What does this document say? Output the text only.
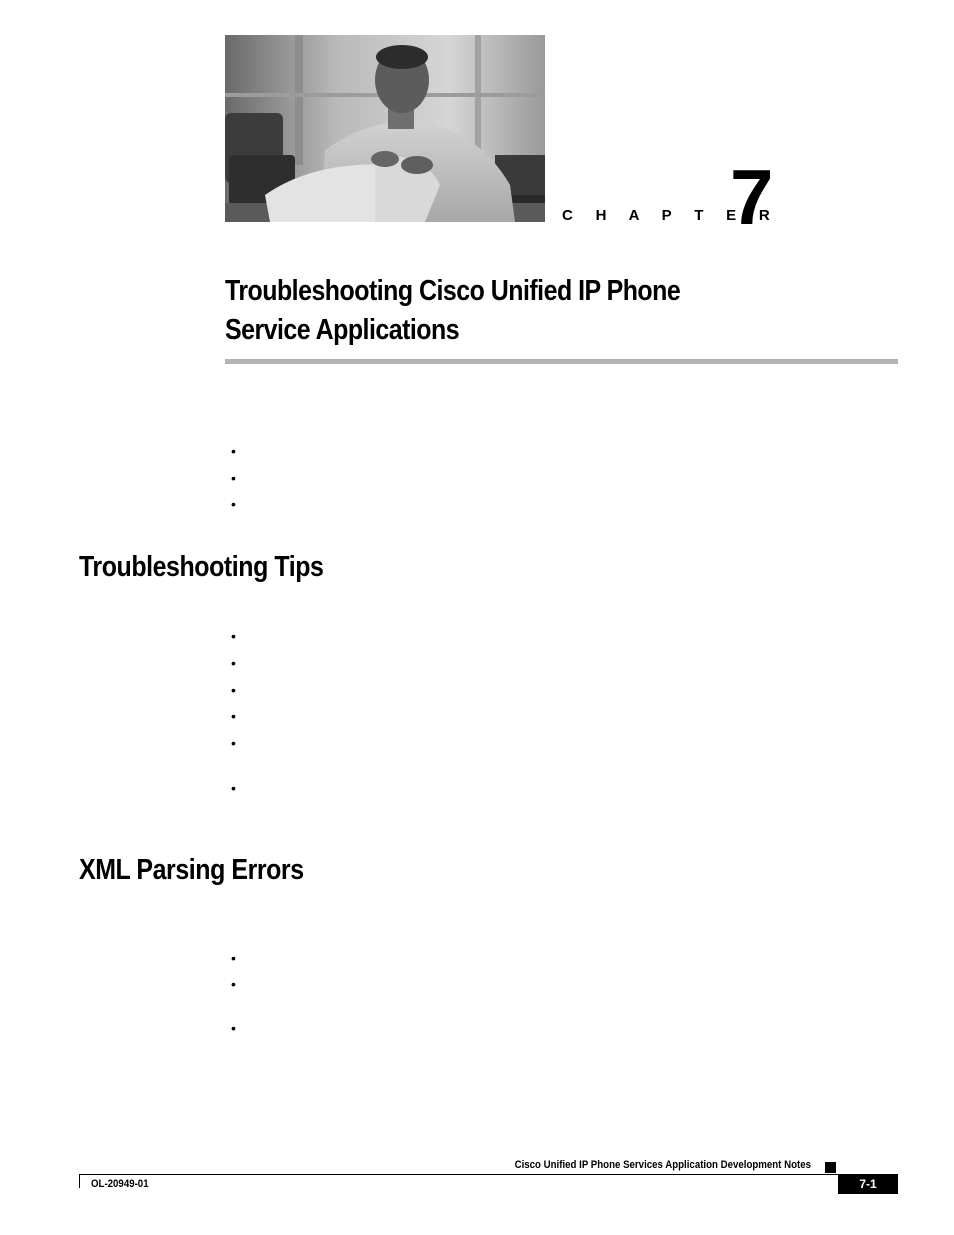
C H A P T E R
7
Troubleshooting Cisco Unified IP Phone
Service Applications
•
•
•
Troubleshooting Tips
•
•
•
•
•
•
XML Parsing Errors
•
•
•
Cisco Unified IP Phone Services Application Development Notes
OL-20949-01	7-1
